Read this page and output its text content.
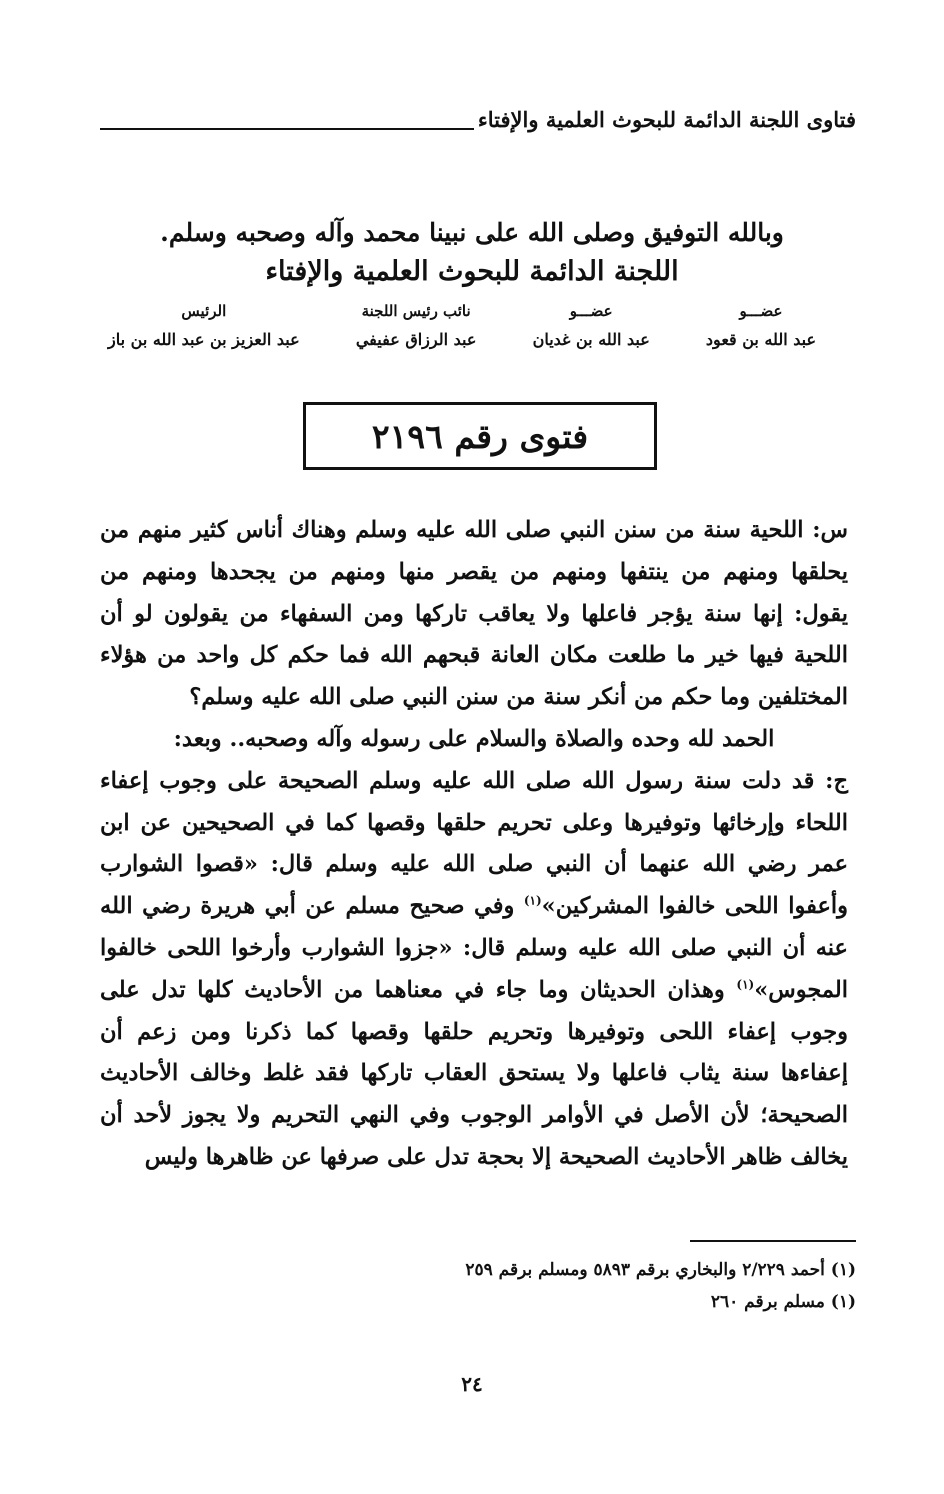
فتاوى اللجنة الدائمة للبحوث العلمية والإفتاء
وبالله التوفيق وصلى الله على نبينا محمد وآله وصحبه وسلم.
اللجنة الدائمة للبحوث العلمية والإفتاء
عضـــو
عبد الله بن قعود
عضـــو
عبد الله بن غديان
نائب رئيس اللجنة
عبد الرزاق عفيفي
الرئيس
عبد العزيز بن عبد الله بن باز
فتوى رقم ٢١٩٦

س: اللحية سنة من سنن النبي صلى الله عليه وسلم وهناك أناس كثير منهم من يحلقها ومنهم من ينتفها ومنهم من يقصر منها ومنهم من يجحدها ومنهم من يقول: إنها سنة يؤجر فاعلها ولا يعاقب تاركها ومن السفهاء من يقولون لو أن اللحية فيها خير ما طلعت مكان العانة قبحهم الله فما حكم كل واحد من هؤلاء المختلفين وما حكم من أنكر سنة من سنن النبي صلى الله عليه وسلم؟

الحمد لله وحده والصلاة والسلام على رسوله وآله وصحبه.. وبعد:

ج: قد دلت سنة رسول الله صلى الله عليه وسلم الصحيحة على وجوب إعفاء اللحاء وإرخائها وتوفيرها وعلى تحريم حلقها وقصها كما في الصحيحين عن ابن عمر رضي الله عنهما أن النبي صلى الله عليه وسلم قال: «قصوا الشوارب وأعفوا اللحى خالفوا المشركين»$^{(١)}$ وفي صحيح مسلم عن أبي هريرة رضي الله عنه أن النبي صلى الله عليه وسلم قال: «جزوا الشوارب وأرخوا اللحى خالفوا المجوس»$^{(١)}$ وهذان الحديثان وما جاء في معناهما من الأحاديث كلها تدل على وجوب إعفاء اللحى وتوفيرها وتحريم حلقها وقصها كما ذكرنا ومن زعم أن إعفاءها سنة يثاب فاعلها ولا يستحق العقاب تاركها فقد غلط وخالف الأحاديث الصحيحة؛ لأن الأصل في الأوامر الوجوب وفي النهي التحريم ولا يجوز لأحد أن يخالف ظاهر الأحاديث الصحيحة إلا بحجة تدل على صرفها عن ظاهرها وليس

(١) أحمد ٢/٢٢٩ والبخاري برقم ٥٨٩٣ ومسلم برقم ٢٥٩
(١) مسلم برقم ٢٦٠
٢٤
